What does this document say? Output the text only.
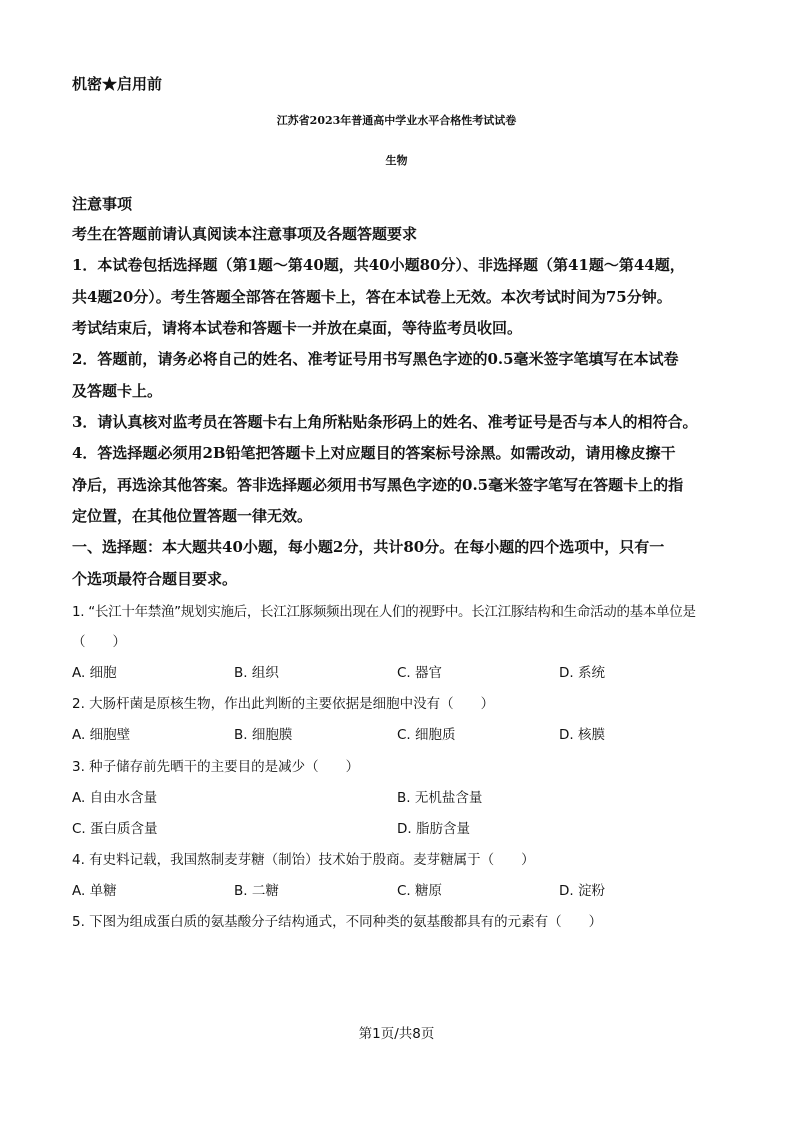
机密★启用前
江苏省2023年普通高中学业水平合格性考试试卷
生物
注意事项
考生在答题前请认真阅读本注意事项及各题答题要求
1．本试卷包括选择题（第1题～第40题，共40小题80分）、非选择题（第41题～第44题，
共4题20分）。考生答题全部答在答题卡上，答在本试卷上无效。本次考试时间为75分钟。
考试结束后，请将本试卷和答题卡一并放在桌面，等待监考员收回。
2．答题前，请务必将自己的姓名、准考证号用书写黑色字迹的0.5毫米签字笔填写在本试卷
及答题卡上。
3．请认真核对监考员在答题卡右上角所粘贴条形码上的姓名、准考证号是否与本人的相符合。
4．答选择题必须用2B铅笔把答题卡上对应题目的答案标号涂黑。如需改动，请用橡皮擦干
净后，再选涂其他答案。答非选择题必须用书写黑色字迹的0.5毫米签字笔写在答题卡上的指
定位置，在其他位置答题一律无效。
一、选择题：本大题共40小题，每小题2分，共计80分。在每小题的四个选项中，只有一
个选项最符合题目要求。
1. “长江十年禁渔”规划实施后，长江江豚频频出现在人们的视野中。长江江豚结构和生命活动的基本单位是
（　　）
A. 细胞	B. 组织	C. 器官	D. 系统
2. 大肠杆菌是原核生物，作出此判断的主要依据是细胞中没有（　　）
A. 细胞壁	B. 细胞膜	C. 细胞质	D. 核膜
3. 种子储存前先晒干的主要目的是减少（　　）
A. 自由水含量	B. 无机盐含量
C. 蛋白质含量	D. 脂肪含量
4. 有史料记载，我国熬制麦芽糖（制饴）技术始于殷商。麦芽糖属于（　　）
A. 单糖	B. 二糖	C. 糖原	D. 淀粉
5. 下图为组成蛋白质的氨基酸分子结构通式，不同种类的氨基酸都具有的元素有（　　）
第1页/共8页
